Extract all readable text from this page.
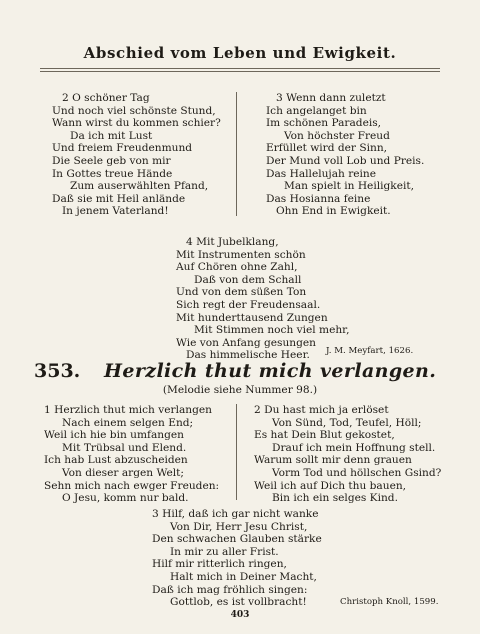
Abschied vom Leben und Ewigkeit.
2 O schöner Tag
Und noch viel schönste Stund,
Wann wirst du kommen schier?
Da ich mit Lust
Und freiem Freudenmund
Die Seele geb von mir
In Gottes treue Hände
Zum auserwählten Pfand,
Daß sie mit Heil anlände
In jenem Vaterland!
3 Wenn dann zuletzt
Ich angelanget bin
Im schönen Paradeis,
Von höchster Freud
Erfüllet wird der Sinn,
Der Mund voll Lob und Preis.
Das Hallelujah reine
Man spielt in Heiligkeit,
Das Hosianna feine
Ohn End in Ewigkeit.
4 Mit Jubelklang,
Mit Instrumenten schön
Auf Chören ohne Zahl,
Daß von dem Schall
Und von dem süßen Ton
Sich regt der Freudensaal.
Mit hunderttausend Zungen
Mit Stimmen noch viel mehr,
Wie von Anfang gesungen
Das himmelische Heer.	J. M. Meyfart, 1626.
353. Herzlich thut mich verlangen.
(Melodie siehe Nummer 98.)
1 Herzlich thut mich verlangen
Nach einem selgen End;
Weil ich hie bin umfangen
Mit Trübsal und Elend.
Ich hab Lust abzuscheiden
Von dieser argen Welt;
Sehn mich nach ewger Freuden:
O Jesu, komm nur bald.
2 Du hast mich ja erlöset
Von Sünd, Tod, Teufel, Höll;
Es hat Dein Blut gekostet,
Drauf ich mein Hoffnung stell.
Warum sollt mir denn grauen
Vorm Tod und höllschen Gsind?
Weil ich auf Dich thu bauen,
Bin ich ein selges Kind.
3 Hilf, daß ich gar nicht wanke
Von Dir, Herr Jesu Christ,
Den schwachen Glauben stärke
In mir zu aller Frist.
Hilf mir ritterlich ringen,
Halt mich in Deiner Macht,
Daß ich mag fröhlich singen:
Gottlob, es ist vollbracht!	Christoph Knoll, 1599.
403
